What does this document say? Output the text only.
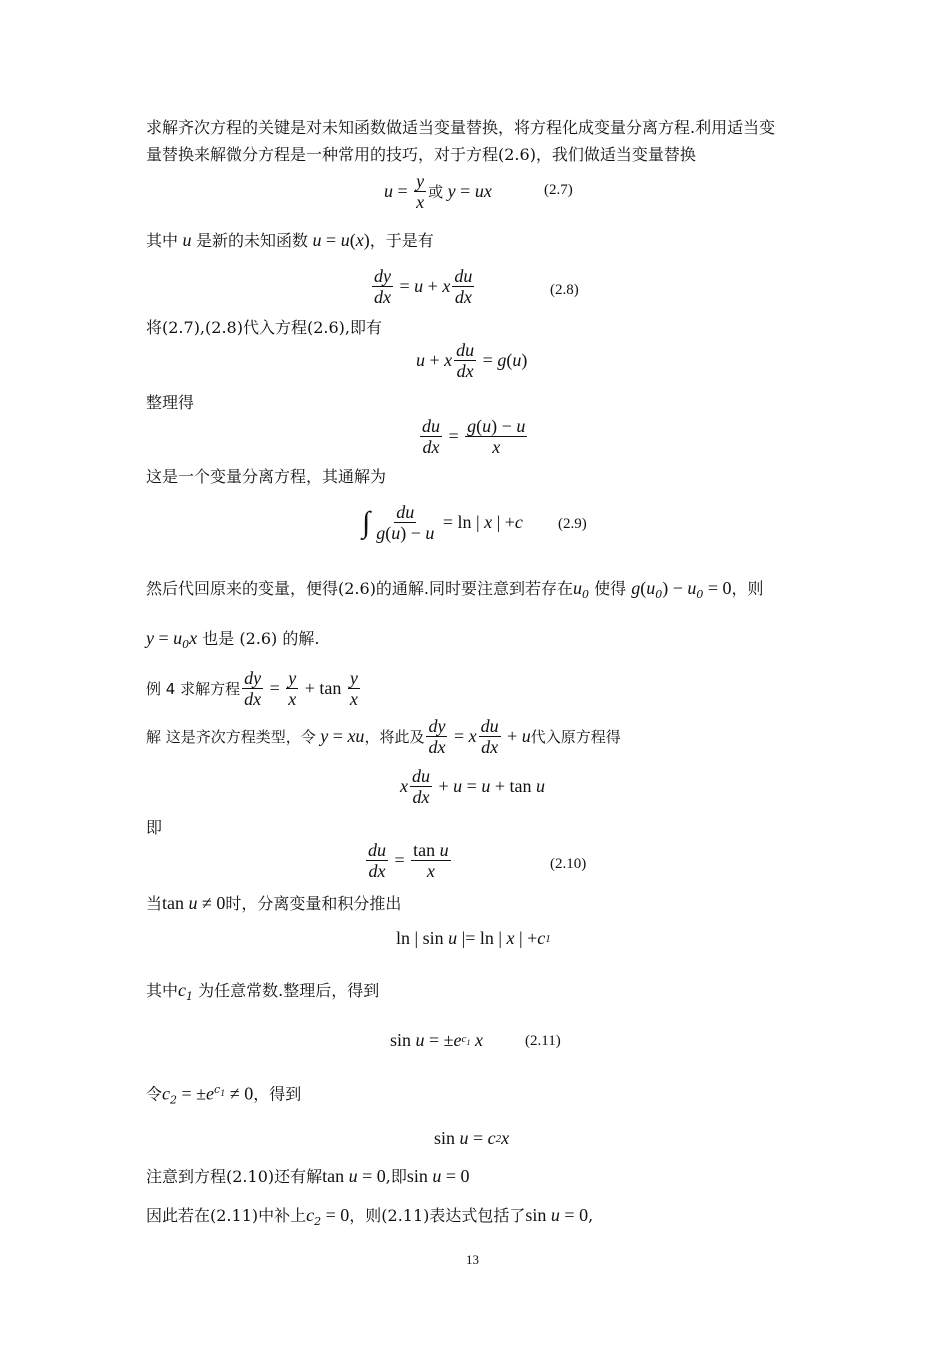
求解齐次方程的关键是对未知函数做适当变量替换，将方程化成变量分离方程.利用适当变
量替换来解微分方程是一种常用的技巧，对于方程(2.6)，我们做适当变量替换
$u = \frac{y}{x}$ 或 y = ux	(2.7)
其中 u 是新的未知函数 u = u(x)，于是有
$\frac{dy}{dx} = u + x \frac{du}{dx}$	(2.8)
将(2.7),(2.8)代入方程(2.6),即有
u + x $\frac{du}{dx} = g$ ( u )
整理得
$\frac{du}{dx} = \frac{g(u) - u}{x}$
这是一个变量分离方程，其通解为
∫ $\frac{du}{g(u) - u} = \ln$ | x | + c (2.9)
然后代回原来的变量，便得(2.6)的通解.同时要注意到若存在$u_0$ 使得 $g(u_0) - u_0 = 0$，则
$y = u_0x$ 也是 (2.6) 的解.
例 4 求解方程 $\frac{dy}{dx} = \frac{y}{x} + \tan \frac{y}{x}$
解 这是齐次方程类型，令 y = xu ，将此及 $\frac{dy}{dx} = x \frac{du}{dx} + u$ 代入原方程得
x $\frac{du}{dx} + u = u + \tan u$
即
$\frac{du}{dx} = \frac{\text{tan u}}{x}$	(2.10)
当tan u ≠ 0时，分离变量和积分推出
ln | sin u |= ln | x | + c 1
其中$c_1$ 为任意常数.整理后，得到
sin u = ± e $c_1$
x	(2.11)
令$c_2 = \pm e^{c_1} \ne 0$，得到
sin u = c 2 x
注意到方程(2.10)还有解tan u = 0,即sin u = 0
因此若在(2.11)中补上$c_2 = 0$，则(2.11)表达式包括了sin u = 0,
13
